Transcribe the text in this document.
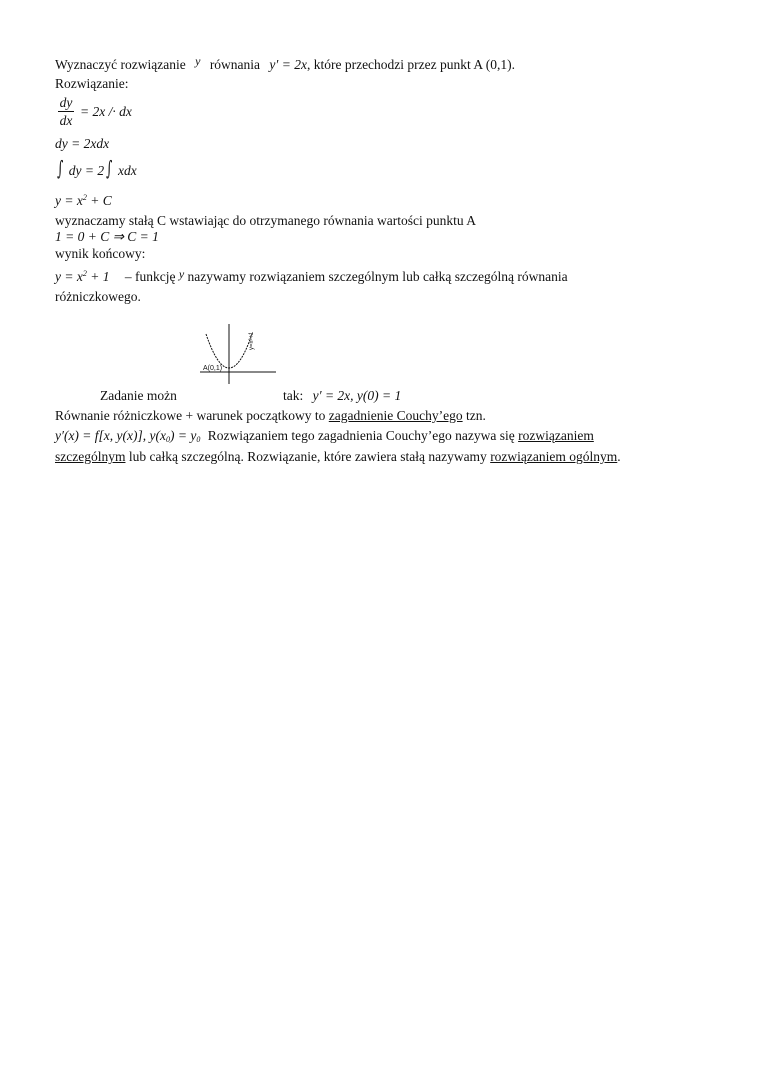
Wyznaczyć rozwiązanie y równania y′ = 2x, które przechodzi przez punkt A (0,1).
Rozwiązanie:
dy
dx
= 2x /· dx
dy = 2xdx
∫ dy = 2 ∫ xdx
$y = x^2 + C$
wyznaczamy stałą C wstawiając do otrzymanego równania wartości punktu A
1 = 0 + C ⇒ C = 1
wynik końcowy:
$y = x^2 + 1$ – funkcję y nazywamy rozwiązaniem szczególnym lub całką szczególną równania
różniczkowego.
A(0,1)
y=x²+1
Zadanie możn	tak: y′ = 2x, y(0) = 1
Równanie różniczkowe + warunek początkowy to zagadnienie Couchy’ego tzn.
y′(x) = f[x, y(x)], $y(x_0) = y_0$ Rozwiązaniem tego zagadnienia Couchy’ego nazywa się rozwiązaniem
szczególnym lub całką szczególną. Rozwiązanie, które zawiera stałą nazywamy rozwiązaniem ogólnym.
